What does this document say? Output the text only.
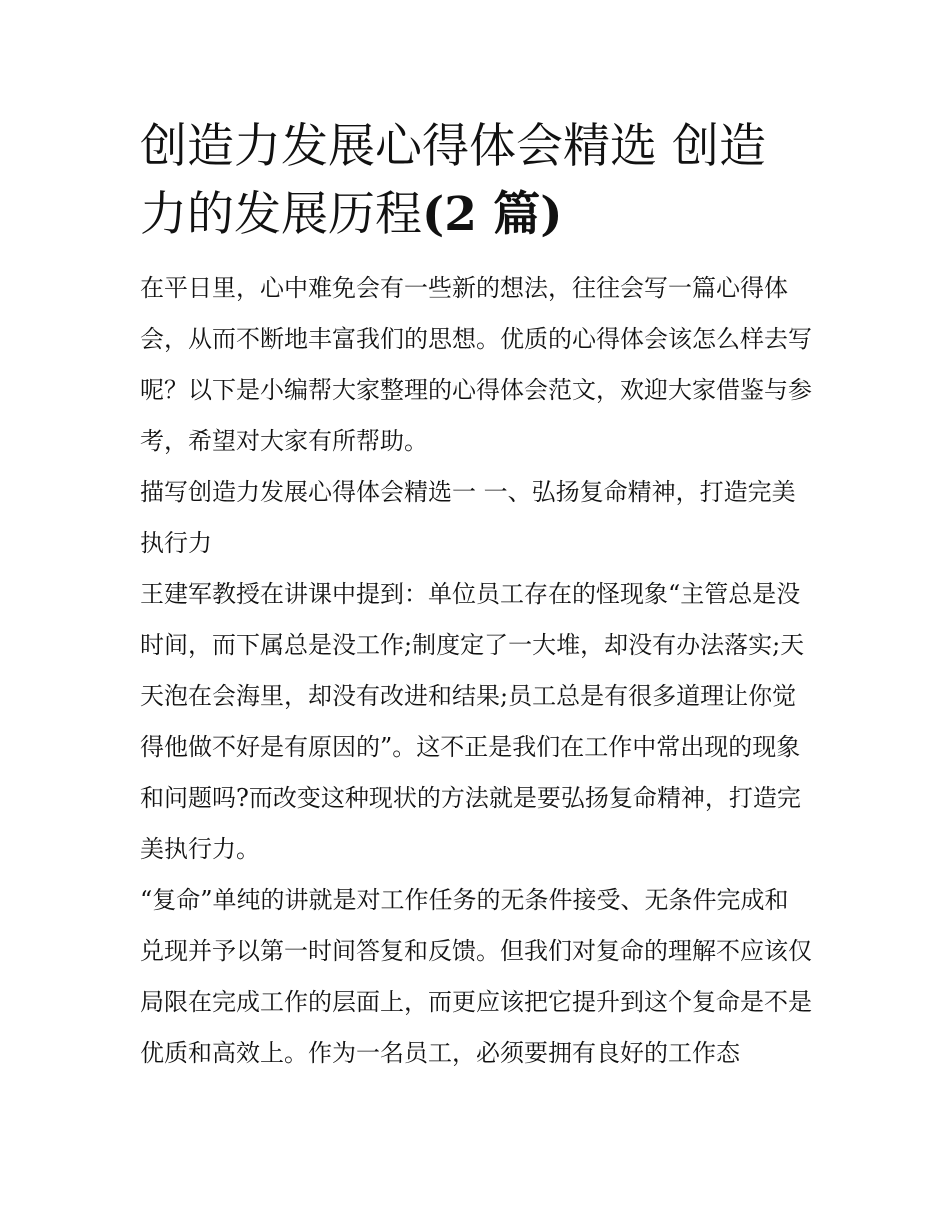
创造力发展心得体会精选 创造力的发展历程(2 篇)

在平日里，心中难免会有一些新的想法，往往会写一篇心得体会，从而不断地丰富我们的思想。优质的心得体会该怎么样去写呢？以下是小编帮大家整理的心得体会范文，欢迎大家借鉴与参考，希望对大家有所帮助。

描写创造力发展心得体会精选一 一、弘扬复命精神，打造完美执行力

王建军教授在讲课中提到：单位员工存在的怪现象“主管总是没时间，而下属总是没工作;制度定了一大堆，却没有办法落实;天天泡在会海里，却没有改进和结果;员工总是有很多道理让你觉得他做不好是有原因的”。这不正是我们在工作中常出现的现象和问题吗?而改变这种现状的方法就是要弘扬复命精神，打造完美执行力。

“复命”单纯的讲就是对工作任务的无条件接受、无条件完成和兑现并予以第一时间答复和反馈。但我们对复命的理解不应该仅局限在完成工作的层面上，而更应该把它提升到这个复命是不是优质和高效上。作为一名员工，必须要拥有良好的工作态
